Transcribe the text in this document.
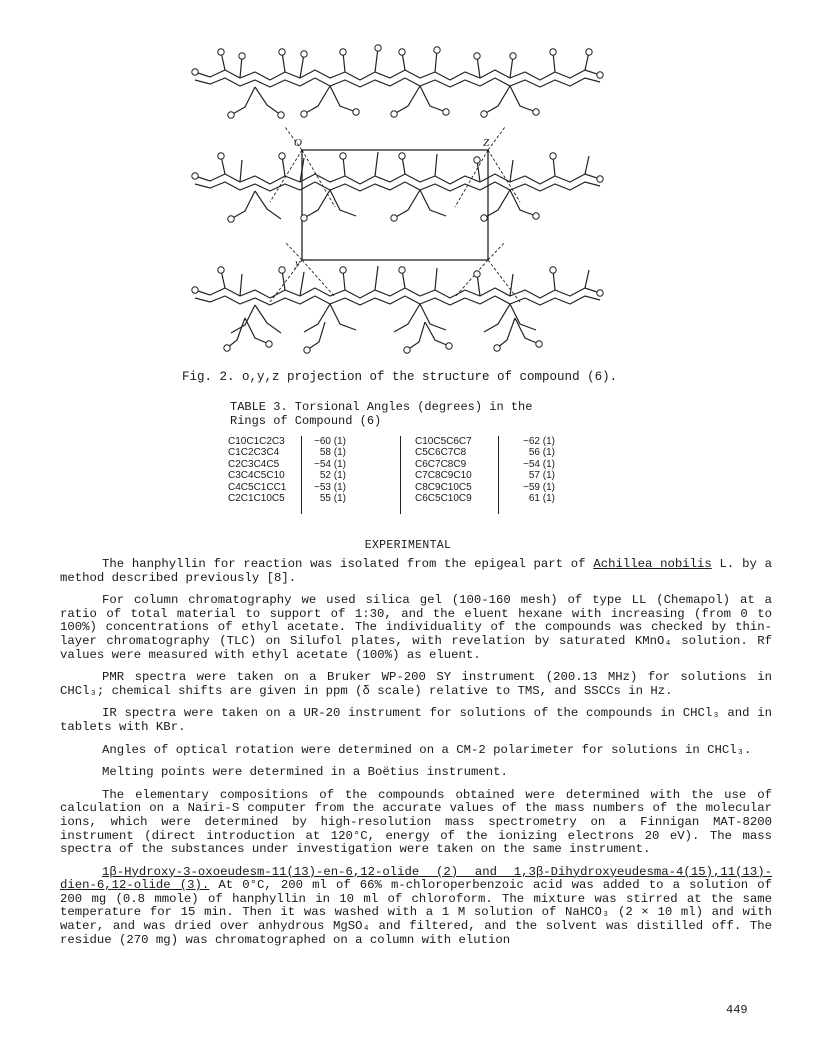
O	Z
y
Fig. 2. o,y,z projection of the structure of compound (6).
TABLE 3. Torsional Angles (degrees) in the
Rings of Compound (6)
C10C1C2C3
C1C2C3C4
C2C3C4C5
C3C4C5C10
C4C5C1CC1
C2C1C10C5
−60 (1)
58 (1)
−54 (1)
52 (1)
−53 (1)
55 (1)
C10C5C6C7
C5C6C7C8
C6C7C8C9
C7C8C9C10
C8C9C10C5
C6C5C10C9
−62 (1)
56 (1)
−54 (1)
57 (1)
−59 (1)
61 (1)
EXPERIMENTAL

The hanphyllin for reaction was isolated from the epigeal part of Achillea nobilis L. by a method described previously [8].

For column chromatography we used silica gel (100-160 mesh) of type LL (Chemapol) at a ratio of total material to support of 1:30, and the eluent hexane with increasing (from 0 to 100%) concentrations of ethyl acetate. The individuality of the compounds was checked by thin-layer chromatography (TLC) on Silufol plates, with revelation by saturated KMnO₄ solution. Rf values were measured with ethyl acetate (100%) as eluent.

PMR spectra were taken on a Bruker WP-200 SY instrument (200.13 MHz) for solutions in CHCl₃; chemical shifts are given in ppm (δ scale) relative to TMS, and SSCCs in Hz.

IR spectra were taken on a UR-20 instrument for solutions of the compounds in CHCl₃ and in tablets with KBr.

Angles of optical rotation were determined on a CM-2 polarimeter for solutions in CHCl₃.

Melting points were determined in a Boëtius instrument.

The elementary compositions of the compounds obtained were determined with the use of calculation on a Nairi-S computer from the accurate values of the mass numbers of the molecular ions, which were determined by high-resolution mass spectrometry on a Finnigan MAT-8200 instrument (direct introduction at 120°C, energy of the ionizing electrons 20 eV). The mass spectra of the substances under investigation were taken on the same instrument.

1β-Hydroxy-3-oxoeudesm-11(13)-en-6,12-olide (2) and 1,3β-Dihydroxyeudesma-4(15),11(13)-dien-6,12-olide (3). At 0°C, 200 ml of 66% m-chloroperbenzoic acid was added to a solution of 200 mg (0.8 mmole) of hanphyllin in 10 ml of chloroform. The mixture was stirred at the same temperature for 15 min. Then it was washed with a 1 M solution of NaHCO₃ (2 × 10 ml) and with water, and was dried over anhydrous MgSO₄ and filtered, and the solvent was distilled off. The residue (270 mg) was chromatographed on a column with elution

449
